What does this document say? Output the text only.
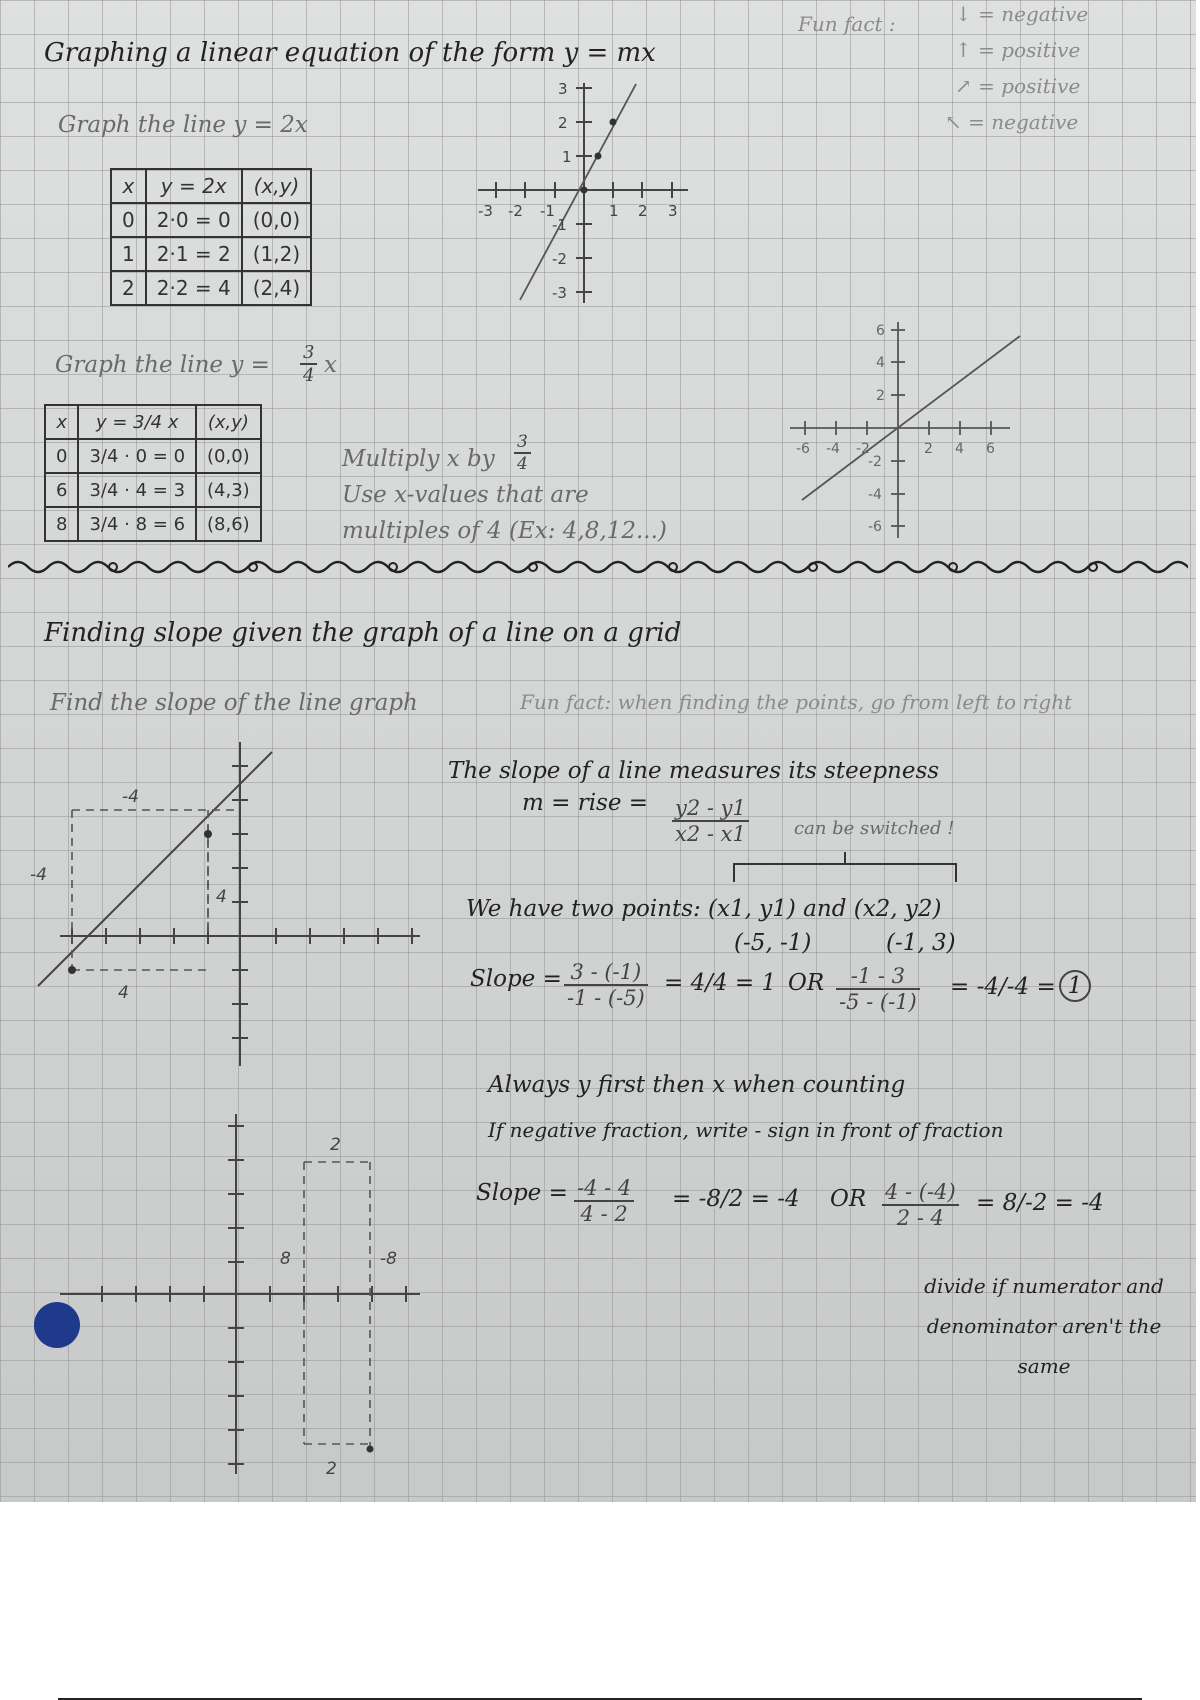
Graphing a linear equation of the form y = mx
Fun fact :	↓ = negative
↑ = positive
↗ = positive
↖ = negative
Graph the line y = 2x
x	y = 2x	(x,y)
0	2·0 = 0	(0,0)
1	2·1 = 2	(1,2)
2	2·2 = 4	(2,4)
-3 -2 -1	1 2 3
3
2
1
-1
-2
-3
Graph the line $y = \frac{3}{4}$ x
x	y = 3/4 x	(x,y)
0	3/4 · 0 = 0	(0,0)
6	3/4 · 4 = 3	(4,3)
8	3/4 · 8 = 6	(8,6)
Multiply x by $\frac{3}{4}$
Use x-values that are
multiples of 4 (Ex: 4,8,12...)
-6 -4 -2	2 4 6
6
4
2
-2
-4
-6
Finding slope given the graph of a line on a grid
Find the slope of the line graph	Fun fact: when finding the points, go from left to right
The slope of a line measures its steepness
m = rise = $\frac{y2 - y1}{x2 - x1}$	can be switched !
We have two points: (x1, y1) and (x2, y2)
(-5, -1)	(-1, 3)
Slope = $\frac{3 - (-1)}{-1 - (-5)} = 4/4 = 1$ OR $\frac{-1 - 3}{-5 - (-1)} = -4/-4 = 1$
Always y first then x when counting
If negative fraction, write - sign in front of fraction
Slope = $\frac{-4 - 4}{4 - 2} = -8/2 = -4$ OR $\frac{4 - (-4)}{2 - 4} = 8/-2 = -4$
divide if numerator and denominator aren't the same
-4
-4
4
4
2
2
-8
8
